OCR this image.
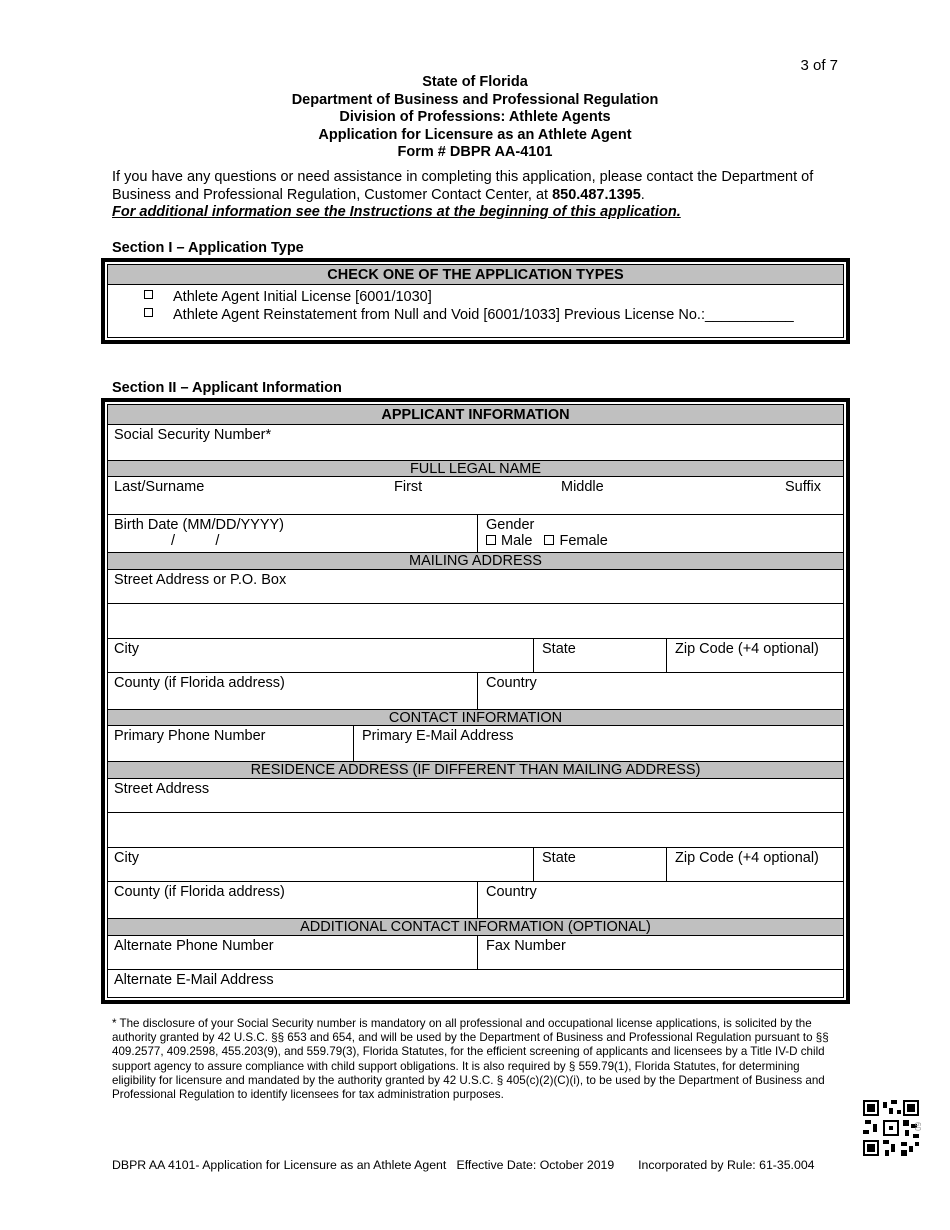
3 of 7
State of Florida
Department of Business and Professional Regulation
Division of Professions: Athlete Agents
Application for Licensure as an Athlete Agent
Form # DBPR AA-4101
If you have any questions or need assistance in completing this application, please contact the Department of Business and Professional Regulation, Customer Contact Center, at 850.487.1395.
For additional information see the Instructions at the beginning of this application.
Section I – Application Type
CHECK ONE OF THE APPLICATION TYPES
Athlete Agent Initial License [6001/1030]
Athlete Agent Reinstatement from Null and Void [6001/1033] Previous License No.:___________
Section II – Applicant Information
APPLICANT INFORMATION
Social Security Number*
FULL LEGAL NAME
Last/Surname	First	Middle	Suffix
Birth Date (MM/DD/YYYY)
/          /
Gender
Male Female
MAILING ADDRESS
Street Address or P.O. Box
City	State	Zip Code (+4 optional)
County (if Florida address)	Country
CONTACT INFORMATION
Primary Phone Number	Primary E-Mail Address
RESIDENCE ADDRESS (IF DIFFERENT THAN MAILING ADDRESS)
Street Address
City	State	Zip Code (+4 optional)
County (if Florida address)	Country
ADDITIONAL CONTACT INFORMATION (OPTIONAL)
Alternate Phone Number	Fax Number
Alternate E-Mail Address
* The disclosure of your Social Security number is mandatory on all professional and occupational license applications, is solicited by the authority granted by 42 U.S.C. §§ 653 and 654, and will be used by the Department of Business and Professional Regulation pursuant to §§ 409.2577, 409.2598, 455.203(9), and 559.79(3), Florida Statutes, for the efficient screening of applicants and licensees by a Title IV-D child support agency to assure compliance with child support obligations. It is also required by § 559.79(1), Florida Statutes, for determining eligibility for licensure and mandated by the authority granted by 42 U.S.C. § 405(c)(2)(C)(i), to be used by the Department of Business and Professional Regulation to identify licensees for tax administration purposes.
60
DBPR AA 4101- Application for Licensure as an Athlete Agent   Effective Date: October 2019       Incorporated by Rule: 61-35.004
